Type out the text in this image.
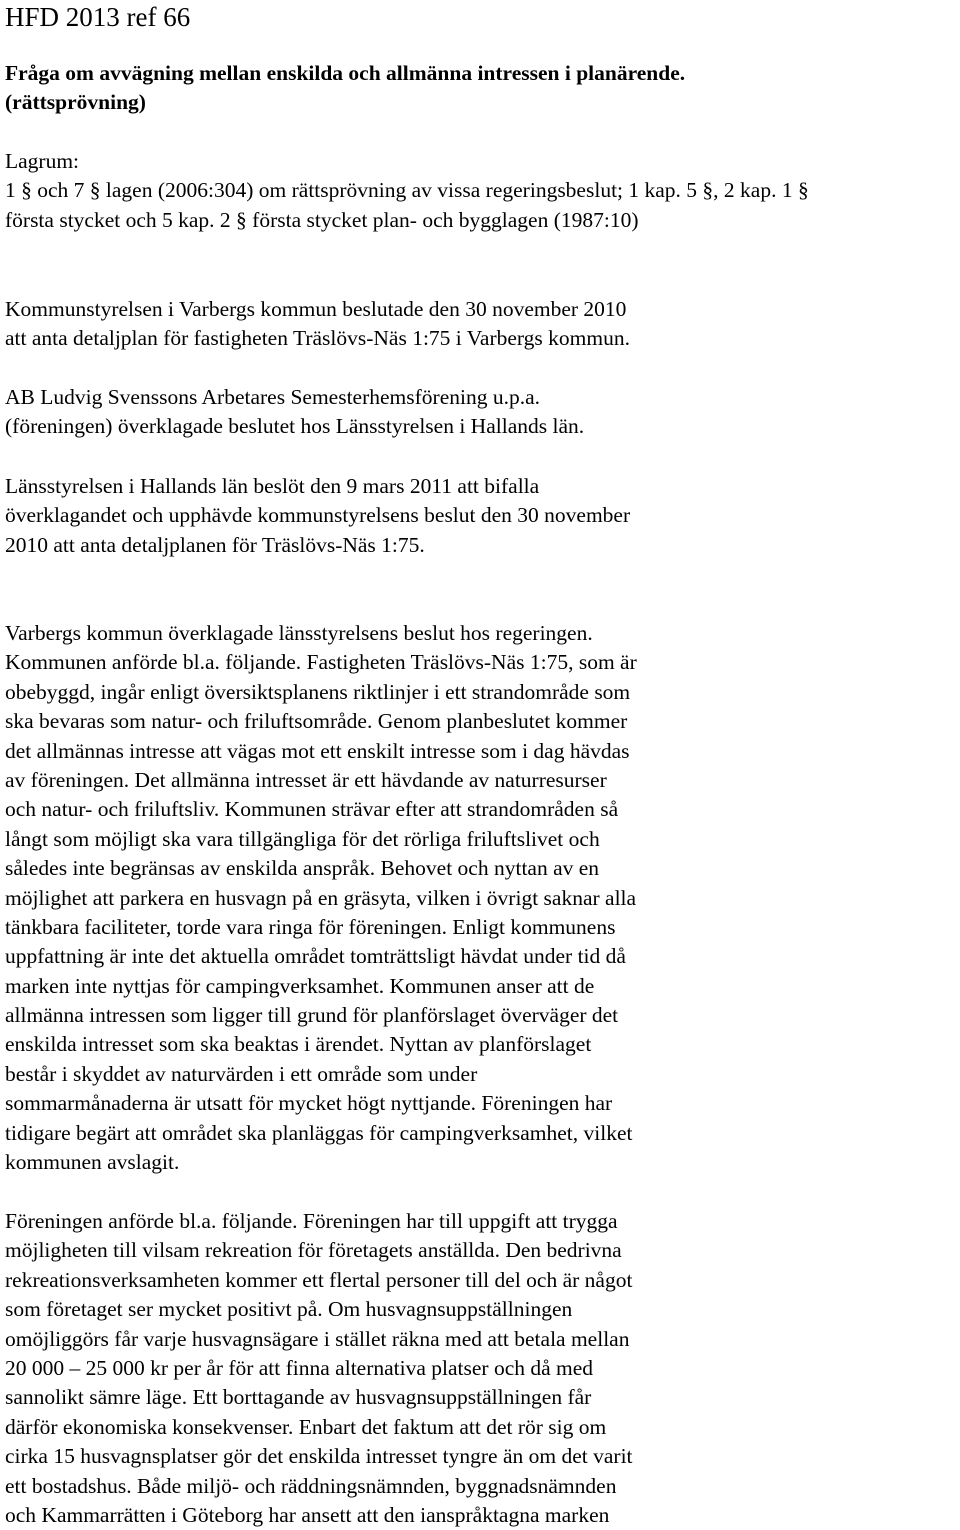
HFD 2013 ref 66
Fråga om avvägning mellan enskilda och allmänna intressen i planärende.
(rättsprövning)
Lagrum:
1 § och 7 § lagen (2006:304) om rättsprövning av vissa regeringsbeslut; 1 kap. 5 §, 2 kap. 1 §
första stycket och 5 kap. 2 § första stycket plan- och bygglagen (1987:10)
Kommunstyrelsen i Varbergs kommun beslutade den 30 november 2010
att anta detaljplan för fastigheten Träslövs-Näs 1:75 i Varbergs kommun.
AB Ludvig Svenssons Arbetares Semesterhemsförening u.p.a.
(föreningen) överklagade beslutet hos Länsstyrelsen i Hallands län.
Länsstyrelsen i Hallands län beslöt den 9 mars 2011 att bifalla
överklagandet och upphävde kommunstyrelsens beslut den 30 november
2010 att anta detaljplanen för Träslövs-Näs 1:75.
Varbergs kommun överklagade länsstyrelsens beslut hos regeringen.
Kommunen anförde bl.a. följande. Fastigheten Träslövs-Näs 1:75, som är
obebyggd, ingår enligt översiktsplanens riktlinjer i ett strandområde som
ska bevaras som natur- och friluftsområde. Genom planbeslutet kommer
det allmännas intresse att vägas mot ett enskilt intresse som i dag hävdas
av föreningen. Det allmänna intresset är ett hävdande av naturresurser
och natur- och friluftsliv. Kommunen strävar efter att strandområden så
långt som möjligt ska vara tillgängliga för det rörliga friluftslivet och
således inte begränsas av enskilda anspråk. Behovet och nyttan av en
möjlighet att parkera en husvagn på en gräsyta, vilken i övrigt saknar alla
tänkbara faciliteter, torde vara ringa för föreningen. Enligt kommunens
uppfattning är inte det aktuella området tomträttsligt hävdat under tid då
marken inte nyttjas för campingverksamhet. Kommunen anser att de
allmänna intressen som ligger till grund för planförslaget överväger det
enskilda intresset som ska beaktas i ärendet. Nyttan av planförslaget
består i skyddet av naturvärden i ett område som under
sommarmånaderna är utsatt för mycket högt nyttjande. Föreningen har
tidigare begärt att området ska planläggas för campingverksamhet, vilket
kommunen avslagit.
Föreningen anförde bl.a. följande. Föreningen har till uppgift att trygga
möjligheten till vilsam rekreation för företagets anställda. Den bedrivna
rekreationsverksamheten kommer ett flertal personer till del och är något
som företaget ser mycket positivt på. Om husvagnsuppställningen
omöjliggörs får varje husvagnsägare i stället räkna med att betala mellan
20 000 – 25 000 kr per år för att finna alternativa platser och då med
sannolikt sämre läge. Ett borttagande av husvagnsuppställningen får
därför ekonomiska konsekvenser. Enbart det faktum att det rör sig om
cirka 15 husvagnsplatser gör det enskilda intresset tyngre än om det varit
ett bostadshus. Både miljö- och räddningsnämnden, byggnadsnämnden
och Kammarrätten i Göteborg har ansett att den ianspråktagna marken
